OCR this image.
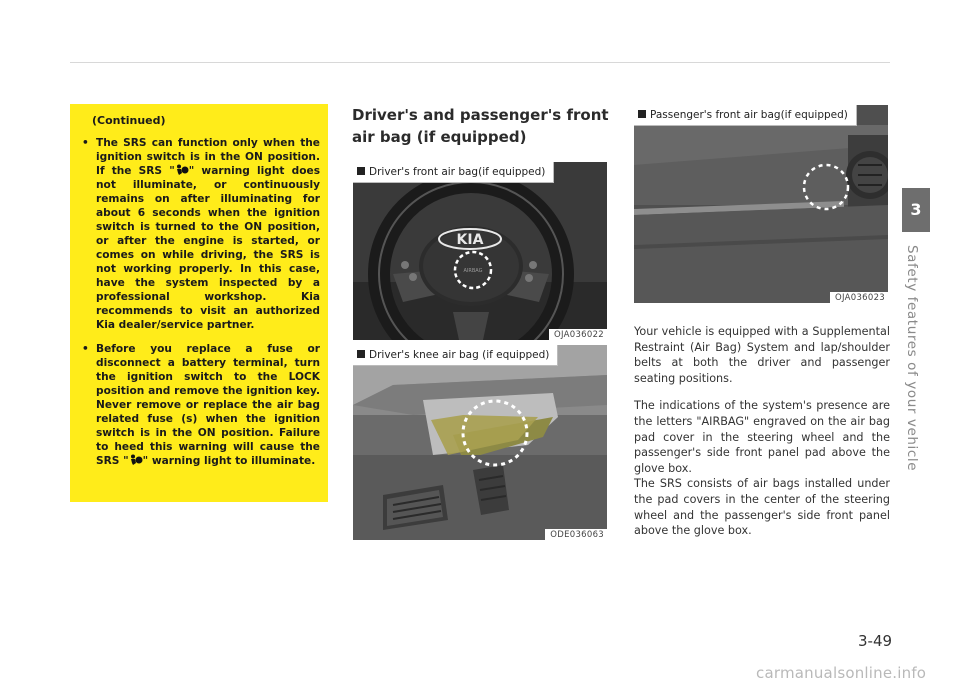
(Continued)
• The SRS can function only when the ignition switch is in the ON position. If the SRS " " warning light does not illuminate, or continuously remains on after illuminating for about 6 seconds when the ignition switch is turned to the ON position, or after the engine is started, or comes on while driving, the SRS is not working properly. In this case, have the system inspected by a professional workshop. Kia recommends to visit an authorized Kia dealer/service partner.
• Before you replace a fuse or disconnect a battery terminal, turn the ignition switch to the LOCK position and remove the ignition key. Never remove or replace the air bag related fuse (s) when the ignition switch is in the ON position. Failure to heed this warning will cause the SRS " " warning light to illuminate.
Driver's and passenger's front air bag (if equipped)
AIRBAG
KIA
Driver's front air bag(if equipped)
OJA036022
Driver's knee air bag (if equipped)
ODE036063
Passenger's front air bag(if equipped)
OJA036023

Your vehicle is equipped with a Supplemental Restraint (Air Bag) System and lap/shoulder belts at both the driver and passenger seating positions.

The indications of the system's presence are the letters "AIRBAG" engraved on the air bag pad cover in the steering wheel and the passenger's side front panel pad above the glove box.

The SRS consists of air bags installed under the pad covers in the center of the steering wheel and the passenger's side front panel above the glove box.

3
Safety features of your vehicle
3-49
carmanualsonline.info
